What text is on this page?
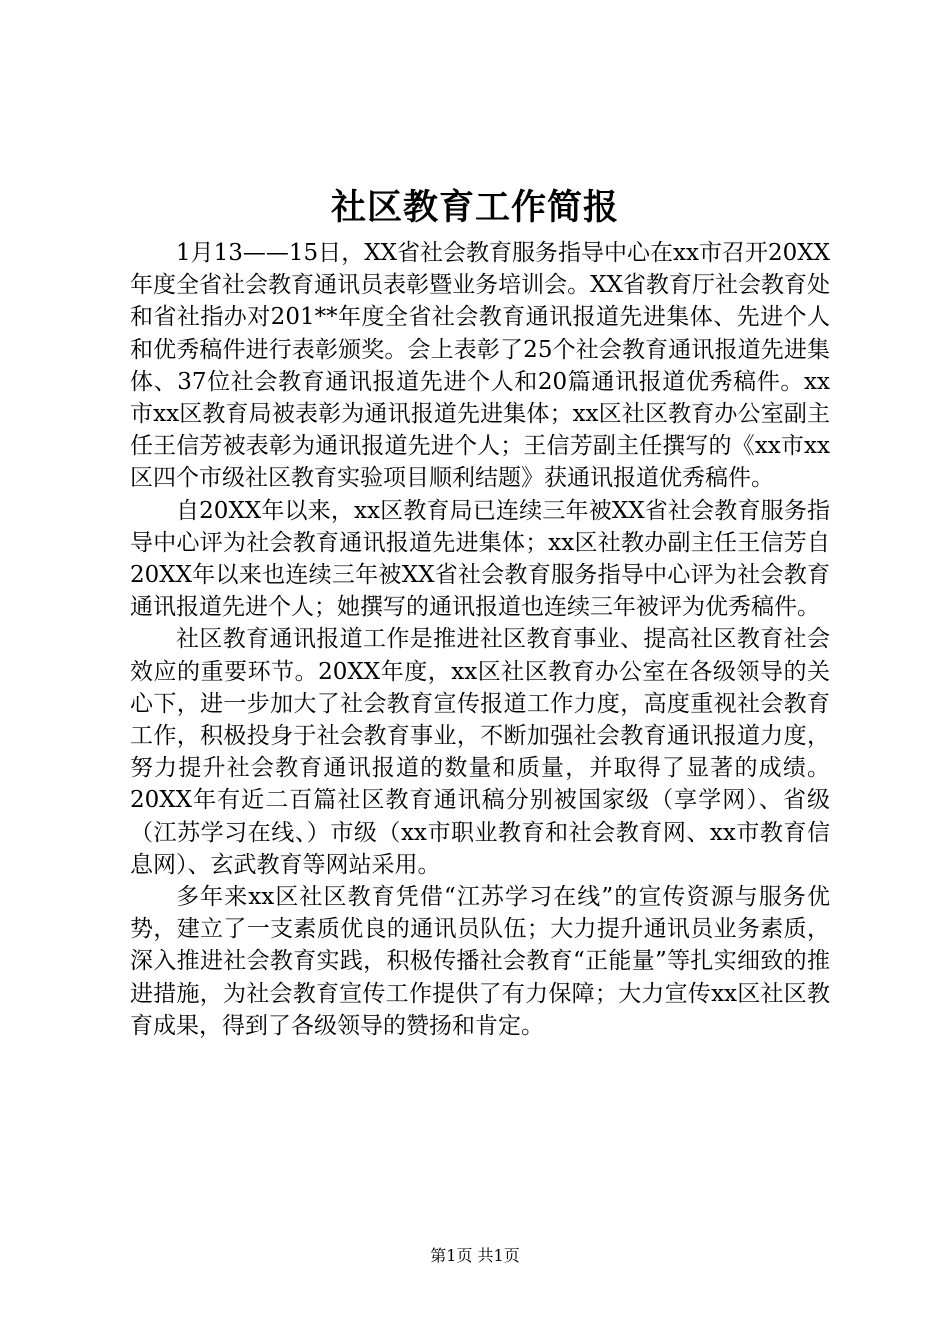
社区教育工作简报

1月13——15日，XX省社会教育服务指导中心在xx市召开20XX年度全省社会教育通讯员表彰暨业务培训会。XX省教育厅社会教育处和省社指办对201**年度全省社会教育通讯报道先进集体、先进个人和优秀稿件进行表彰颁奖。会上表彰了25个社会教育通讯报道先进集体、37位社会教育通讯报道先进个人和20篇通讯报道优秀稿件。xx市xx区教育局被表彰为通讯报道先进集体；xx区社区教育办公室副主任王信芳被表彰为通讯报道先进个人；王信芳副主任撰写的《xx市xx区四个市级社区教育实验项目顺利结题》获通讯报道优秀稿件。

自20XX年以来，xx区教育局已连续三年被XX省社会教育服务指导中心评为社会教育通讯报道先进集体；xx区社教办副主任王信芳自20XX年以来也连续三年被XX省社会教育服务指导中心评为社会教育通讯报道先进个人；她撰写的通讯报道也连续三年被评为优秀稿件。

社区教育通讯报道工作是推进社区教育事业、提高社区教育社会效应的重要环节。20XX年度，xx区社区教育办公室在各级领导的关心下，进一步加大了社会教育宣传报道工作力度，高度重视社会教育工作，积极投身于社会教育事业，不断加强社会教育通讯报道力度，努力提升社会教育通讯报道的数量和质量，并取得了显著的成绩。20XX年有近二百篇社区教育通讯稿分别被国家级（享学网）、省级（江苏学习在线、）市级（xx市职业教育和社会教育网、xx市教育信息网）、玄武教育等网站采用。

多年来xx区社区教育凭借“江苏学习在线”的宣传资源与服务优势，建立了一支素质优良的通讯员队伍；大力提升通讯员业务素质，深入推进社会教育实践，积极传播社会教育“正能量”等扎实细致的推进措施，为社会教育宣传工作提供了有力保障；大力宣传xx区社区教育成果，得到了各级领导的赞扬和肯定。

第1页 共1页
